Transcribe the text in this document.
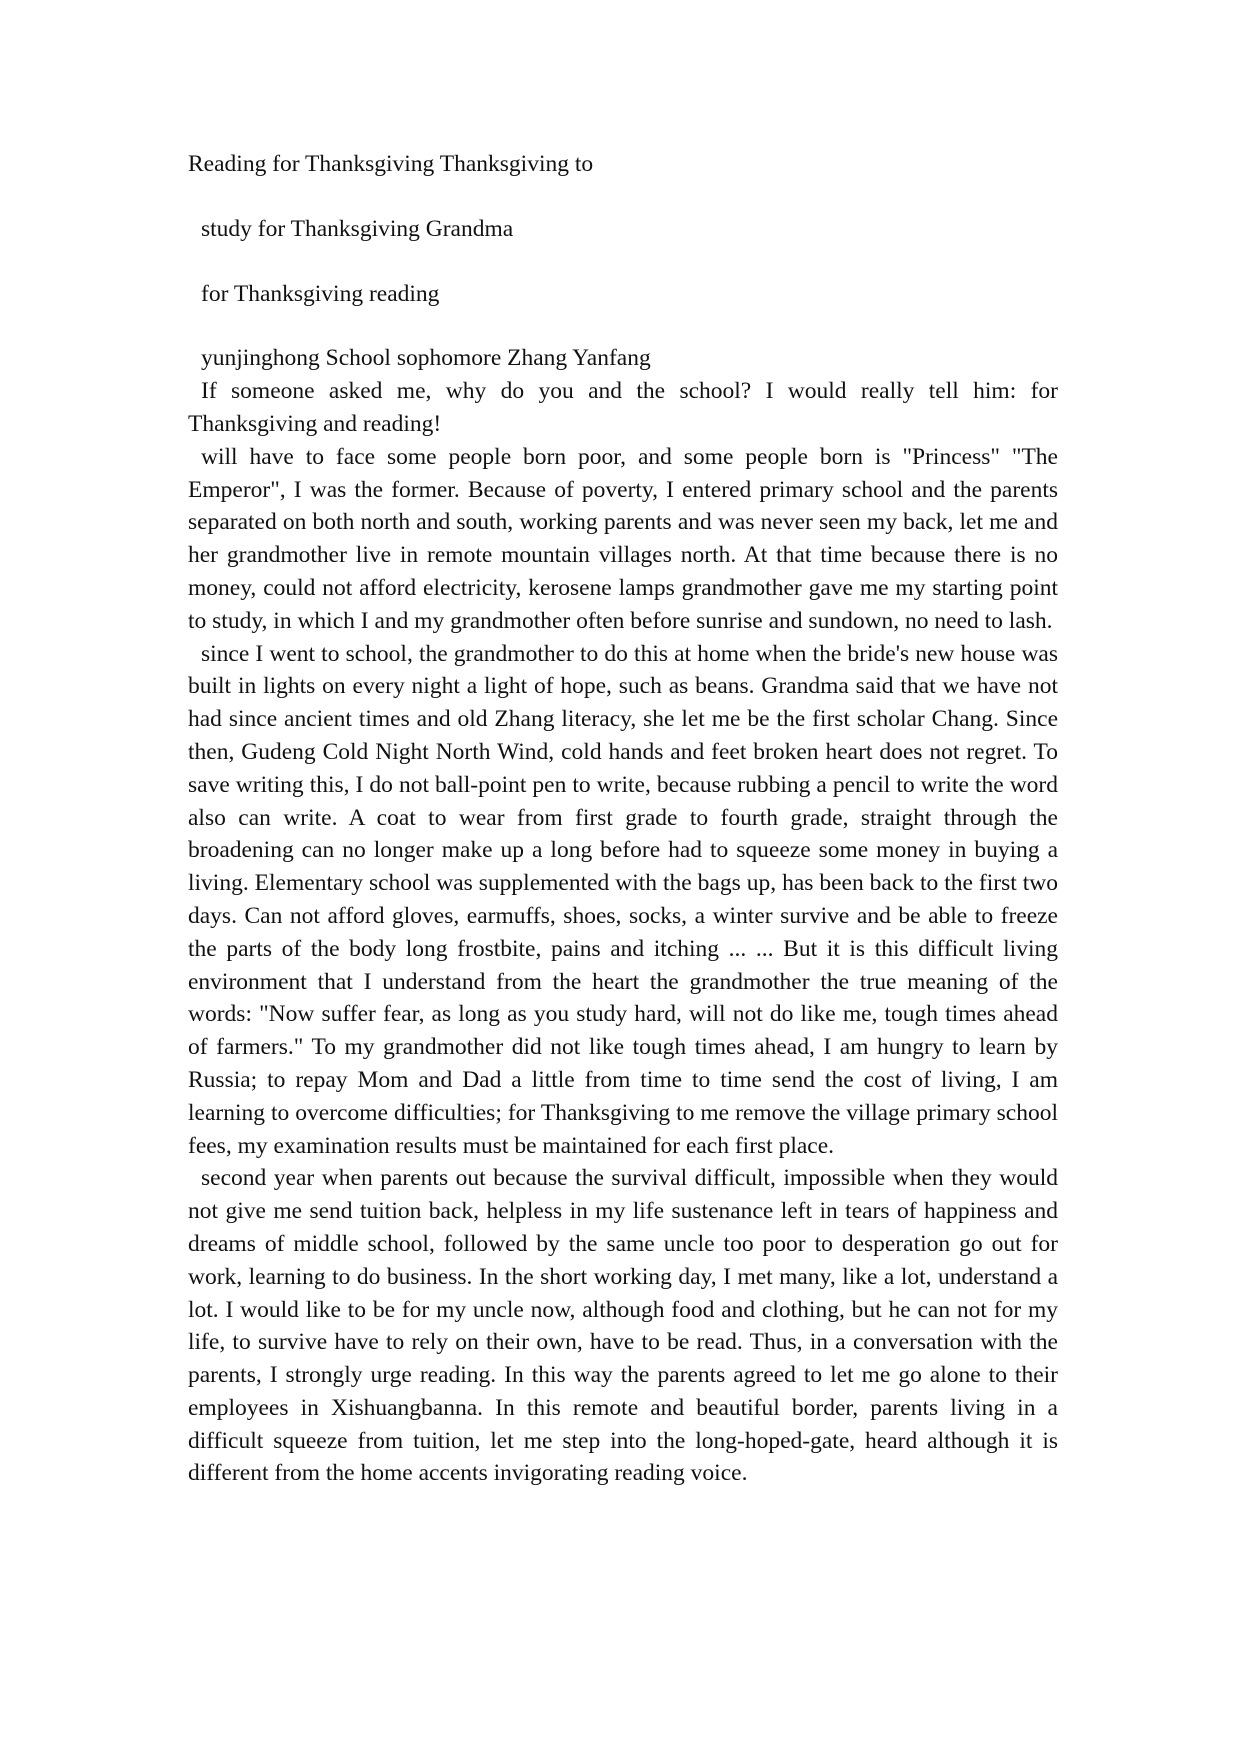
Reading for Thanksgiving Thanksgiving to

study for Thanksgiving Grandma

for Thanksgiving reading

yunjinghong School sophomore Zhang Yanfang

If someone asked me, why do you and the school? I would really tell him: for Thanksgiving and reading!

will have to face some people born poor, and some people born is "Princess" "The Emperor", I was the former. Because of poverty, I entered primary school and the parents separated on both north and south, working parents and was never seen my back, let me and her grandmother live in remote mountain villages north. At that time because there is no money, could not afford electricity, kerosene lamps grandmother gave me my starting point to study, in which I and my grandmother often before sunrise and sundown, no need to lash.

since I went to school, the grandmother to do this at home when the bride's new house was built in lights on every night a light of hope, such as beans. Grandma said that we have not had since ancient times and old Zhang literacy, she let me be the first scholar Chang. Since then, Gudeng Cold Night North Wind, cold hands and feet broken heart does not regret. To save writing this, I do not ball-point pen to write, because rubbing a pencil to write the word also can write. A coat to wear from first grade to fourth grade, straight through the broadening can no longer make up a long before had to squeeze some money in buying a living. Elementary school was supplemented with the bags up, has been back to the first two days. Can not afford gloves, earmuffs, shoes, socks, a winter survive and be able to freeze the parts of the body long frostbite, pains and itching ... ... But it is this difficult living environment that I understand from the heart the grandmother the true meaning of the words: "Now suffer fear, as long as you study hard, will not do like me, tough times ahead of farmers." To my grandmother did not like tough times ahead, I am hungry to learn by Russia; to repay Mom and Dad a little from time to time send the cost of living, I am learning to overcome difficulties; for Thanksgiving to me remove the village primary school fees, my examination results must be maintained for each first place.

second year when parents out because the survival difficult, impossible when they would not give me send tuition back, helpless in my life sustenance left in tears of happiness and dreams of middle school, followed by the same uncle too poor to desperation go out for work, learning to do business. In the short working day, I met many, like a lot, understand a lot. I would like to be for my uncle now, although food and clothing, but he can not for my life, to survive have to rely on their own, have to be read. Thus, in a conversation with the parents, I strongly urge reading. In this way the parents agreed to let me go alone to their employees in Xishuangbanna. In this remote and beautiful border, parents living in a difficult squeeze from tuition, let me step into the long-hoped-gate, heard although it is different from the home accents invigorating reading voice.
